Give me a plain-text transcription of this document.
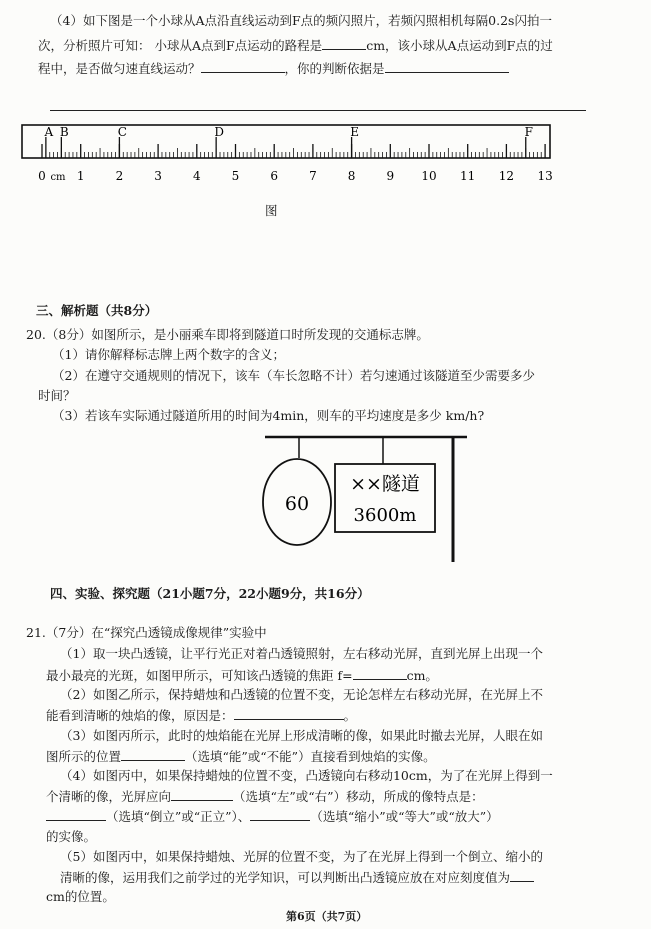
（4）如下图是一个小球从A点沿直线运动到F点的频闪照片，若频闪照相机每隔0.2s闪拍一
次，分析照片可知： 小球从A点到F点运动的路程是	cm，该小球从A点运动到F点的过
程中，是否做匀速直线运动？	，你的判断依据是
0	1	2	3	4	5	6	7	8	9 10 11 12 13
cm
A B	C	D	E	F
图
三、解析题（共8分）
20.（8分）如图所示，是小丽乘车即将到隧道口时所发现的交通标志牌。
（1）请你解释标志牌上两个数字的含义；
（2）在遵守交通规则的情况下，该车（车长忽略不计）若匀速通过该隧道至少需要多少
时间？
（3）若该车实际通过隧道所用的时间为4min，则车的平均速度是多少 km/h?
60
××隧道
3600m
四、实验、探究题（21小题7分，22小题9分，共16分）
21.（7分）在“探究凸透镜成像规律”实验中
（1）取一块凸透镜，让平行光正对着凸透镜照射，左右移动光屏，直到光屏上出现一个
最小最亮的光斑，如图甲所示，可知该凸透镜的焦距 f=	cm。
（2）如图乙所示，保持蜡烛和凸透镜的位置不变，无论怎样左右移动光屏，在光屏上不
能看到清晰的烛焰的像，原因是：	。
（3）如图丙所示，此时的烛焰能在光屏上形成清晰的像，如果此时撤去光屏，人眼在如
图所示的位置	（选填“能”或“不能”）直接看到烛焰的实像。
（4）如图丙中，如果保持蜡烛的位置不变，凸透镜向右移动10cm，为了在光屏上得到一
个清晰的像，光屏应向	（选填“左”或“右”）移动，所成的像特点是：
（选填“倒立”或“正立”）、	（选填“缩小”或“等大”或“放大”）
的实像。
（5）如图丙中，如果保持蜡烛、光屏的位置不变，为了在光屏上得到一个倒立、缩小的
清晰的像，运用我们之前学过的光学知识，可以判断出凸透镜应放在对应刻度值为
cm的位置。
第6页（共7页）
